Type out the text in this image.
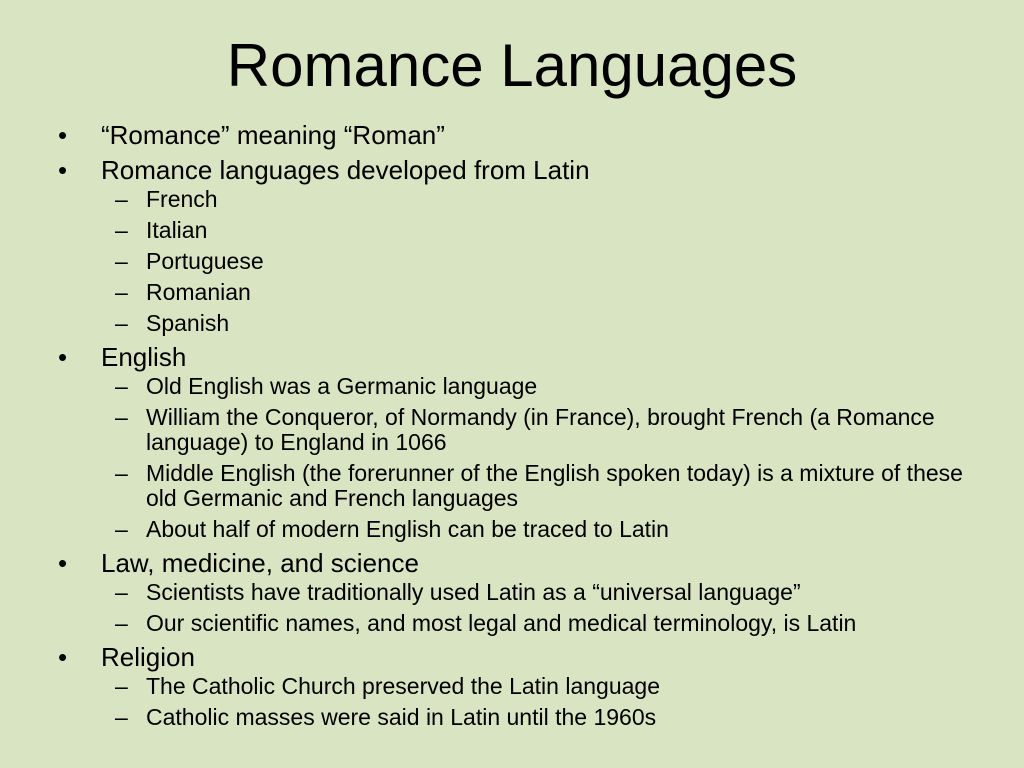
Romance Languages
• “Romance” meaning “Roman”
• Romance languages developed from Latin
– French
– Italian
– Portuguese
– Romanian
– Spanish
• English
– Old English was a Germanic language
– William the Conqueror, of Normandy (in France), brought French (a Romance language) to England in 1066
– Middle English (the forerunner of the English spoken today) is a mixture of these old Germanic and French languages
– About half of modern English can be traced to Latin
• Law, medicine, and science
– Scientists have traditionally used Latin as a “universal language”
– Our scientific names, and most legal and medical terminology, is Latin
• Religion
– The Catholic Church preserved the Latin language
– Catholic masses were said in Latin until the 1960s
